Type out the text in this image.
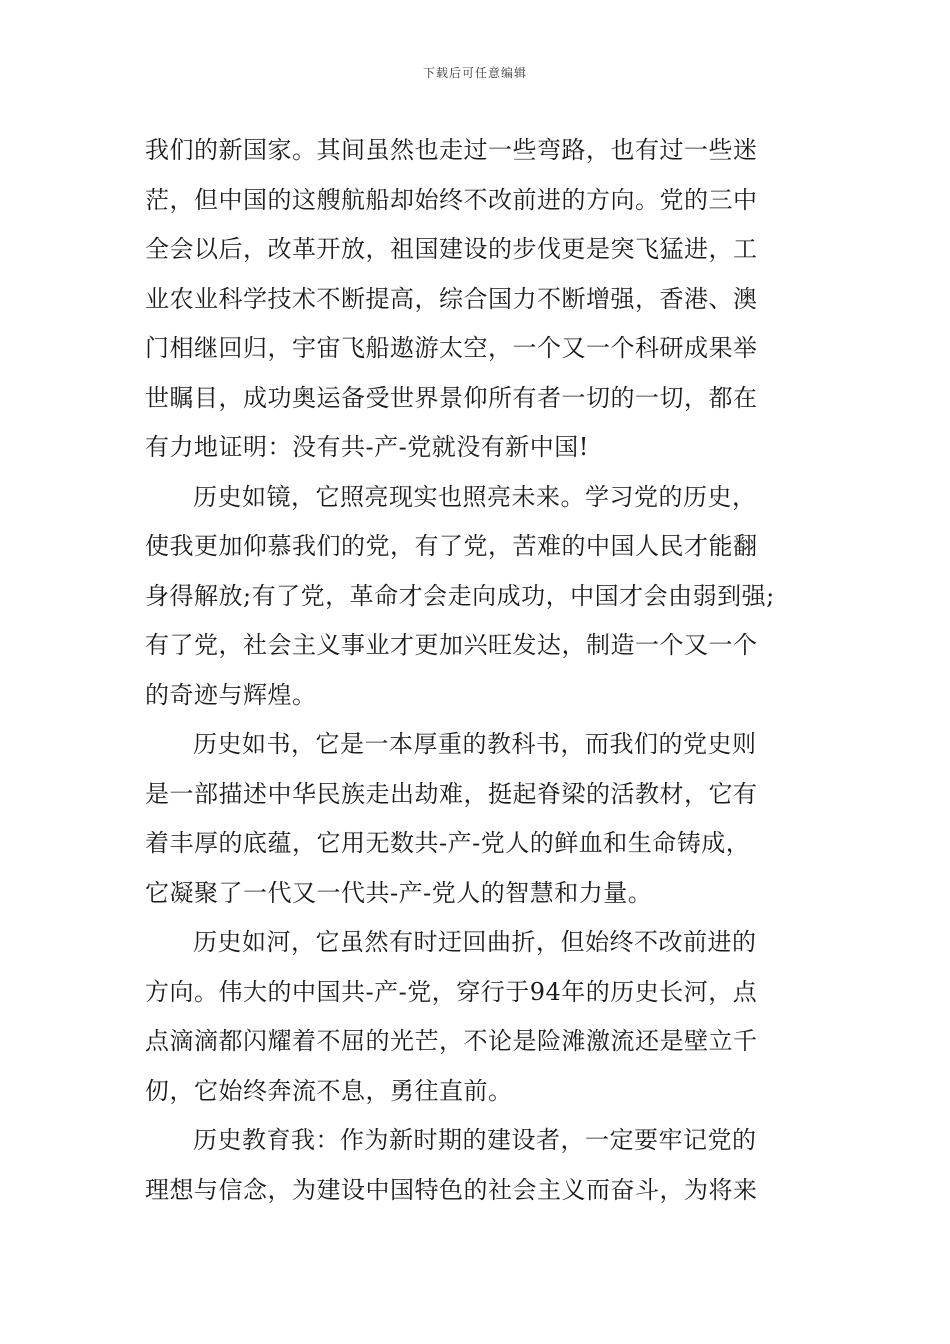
下载后可任意编辑
我们的新国家。其间虽然也走过一些弯路，也有过一些迷
茫，但中国的这艘航船却始终不改前进的方向。党的三中
全会以后，改革开放，祖国建设的步伐更是突飞猛进，工
业农业科学技术不断提高，综合国力不断增强，香港、澳
门相继回归，宇宙飞船遨游太空，一个又一个科研成果举
世瞩目，成功奥运备受世界景仰所有者一切的一切，都在
有力地证明：没有共-产-党就没有新中国!
历史如镜，它照亮现实也照亮未来。学习党的历史，
使我更加仰慕我们的党，有了党，苦难的中国人民才能翻
身得解放;有了党，革命才会走向成功，中国才会由弱到强;
有了党，社会主义事业才更加兴旺发达，制造一个又一个
的奇迹与辉煌。
历史如书，它是一本厚重的教科书，而我们的党史则
是一部描述中华民族走出劫难，挺起脊梁的活教材，它有
着丰厚的底蕴，它用无数共-产-党人的鲜血和生命铸成，
它凝聚了一代又一代共-产-党人的智慧和力量。
历史如河，它虽然有时迂回曲折，但始终不改前进的
方向。伟大的中国共-产-党，穿行于94年的历史长河，点
点滴滴都闪耀着不屈的光芒，不论是险滩激流还是壁立千
仞，它始终奔流不息，勇往直前。
历史教育我：作为新时期的建设者，一定要牢记党的
理想与信念，为建设中国特色的社会主义而奋斗，为将来
